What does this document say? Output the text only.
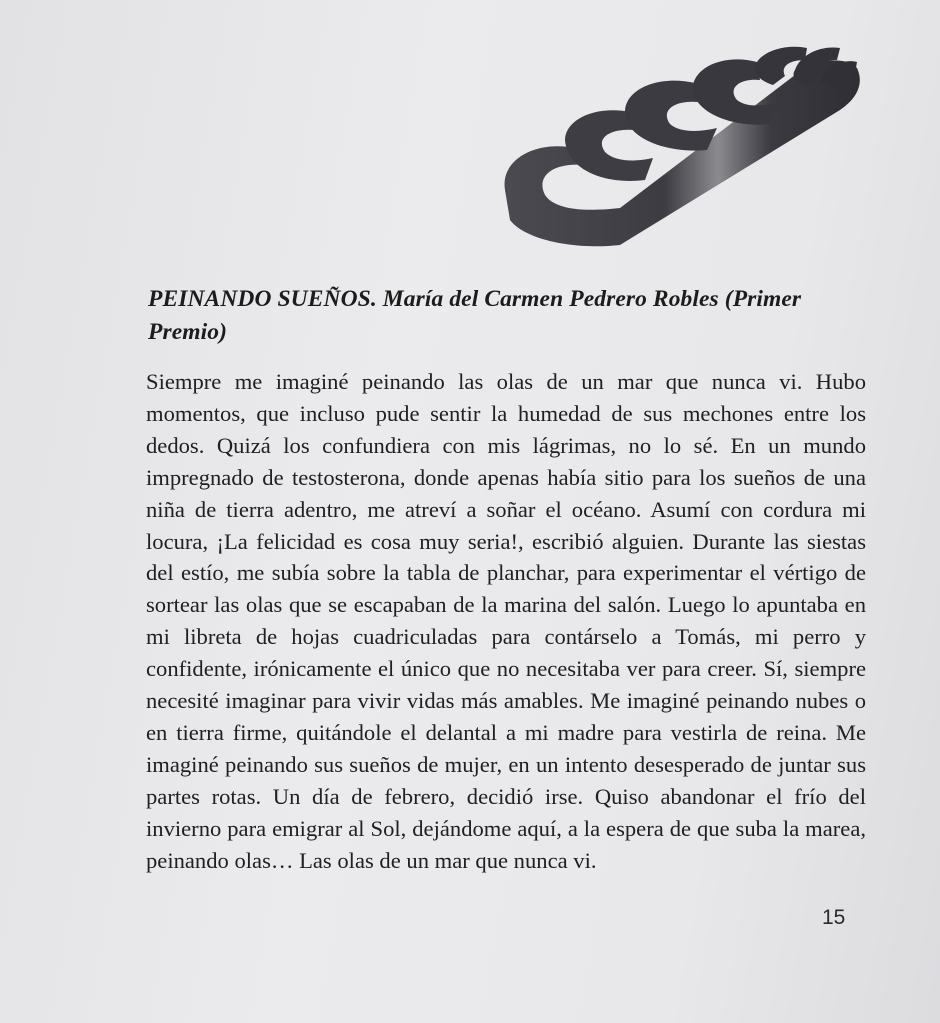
PEINANDO SUEÑOS. María del Carmen Pedrero Robles (Primer Premio)

Siempre me imaginé peinando las olas de un mar que nunca vi. Hubo momentos, que incluso pude sentir la humedad de sus mechones entre los dedos. Quizá los confundiera con mis lágrimas, no lo sé. En un mundo impregnado de testosterona, donde apenas había sitio para los sueños de una niña de tierra adentro, me atreví a soñar el océano. Asumí con cordura mi locura, ¡La felicidad es cosa muy seria!, escribió alguien. Durante las siestas del estío, me subía sobre la tabla de planchar, para experimentar el vértigo de sortear las olas que se escapaban de la marina del salón. Luego lo apuntaba en mi libreta de hojas cuadriculadas para contárselo a Tomás, mi perro y confidente, irónicamente el único que no necesitaba ver para creer. Sí, siempre necesité imaginar para vivir vidas más amables. Me imaginé peinando nubes o en tierra firme, quitándole el delantal a mi madre para vestirla de reina. Me imaginé peinando sus sueños de mujer, en un intento desesperado de juntar sus partes rotas. Un día de febrero, decidió irse. Quiso abandonar el frío del invierno para emigrar al Sol, dejándome aquí, a la espera de que suba la marea, peinando olas… Las olas de un mar que nunca vi.

15
